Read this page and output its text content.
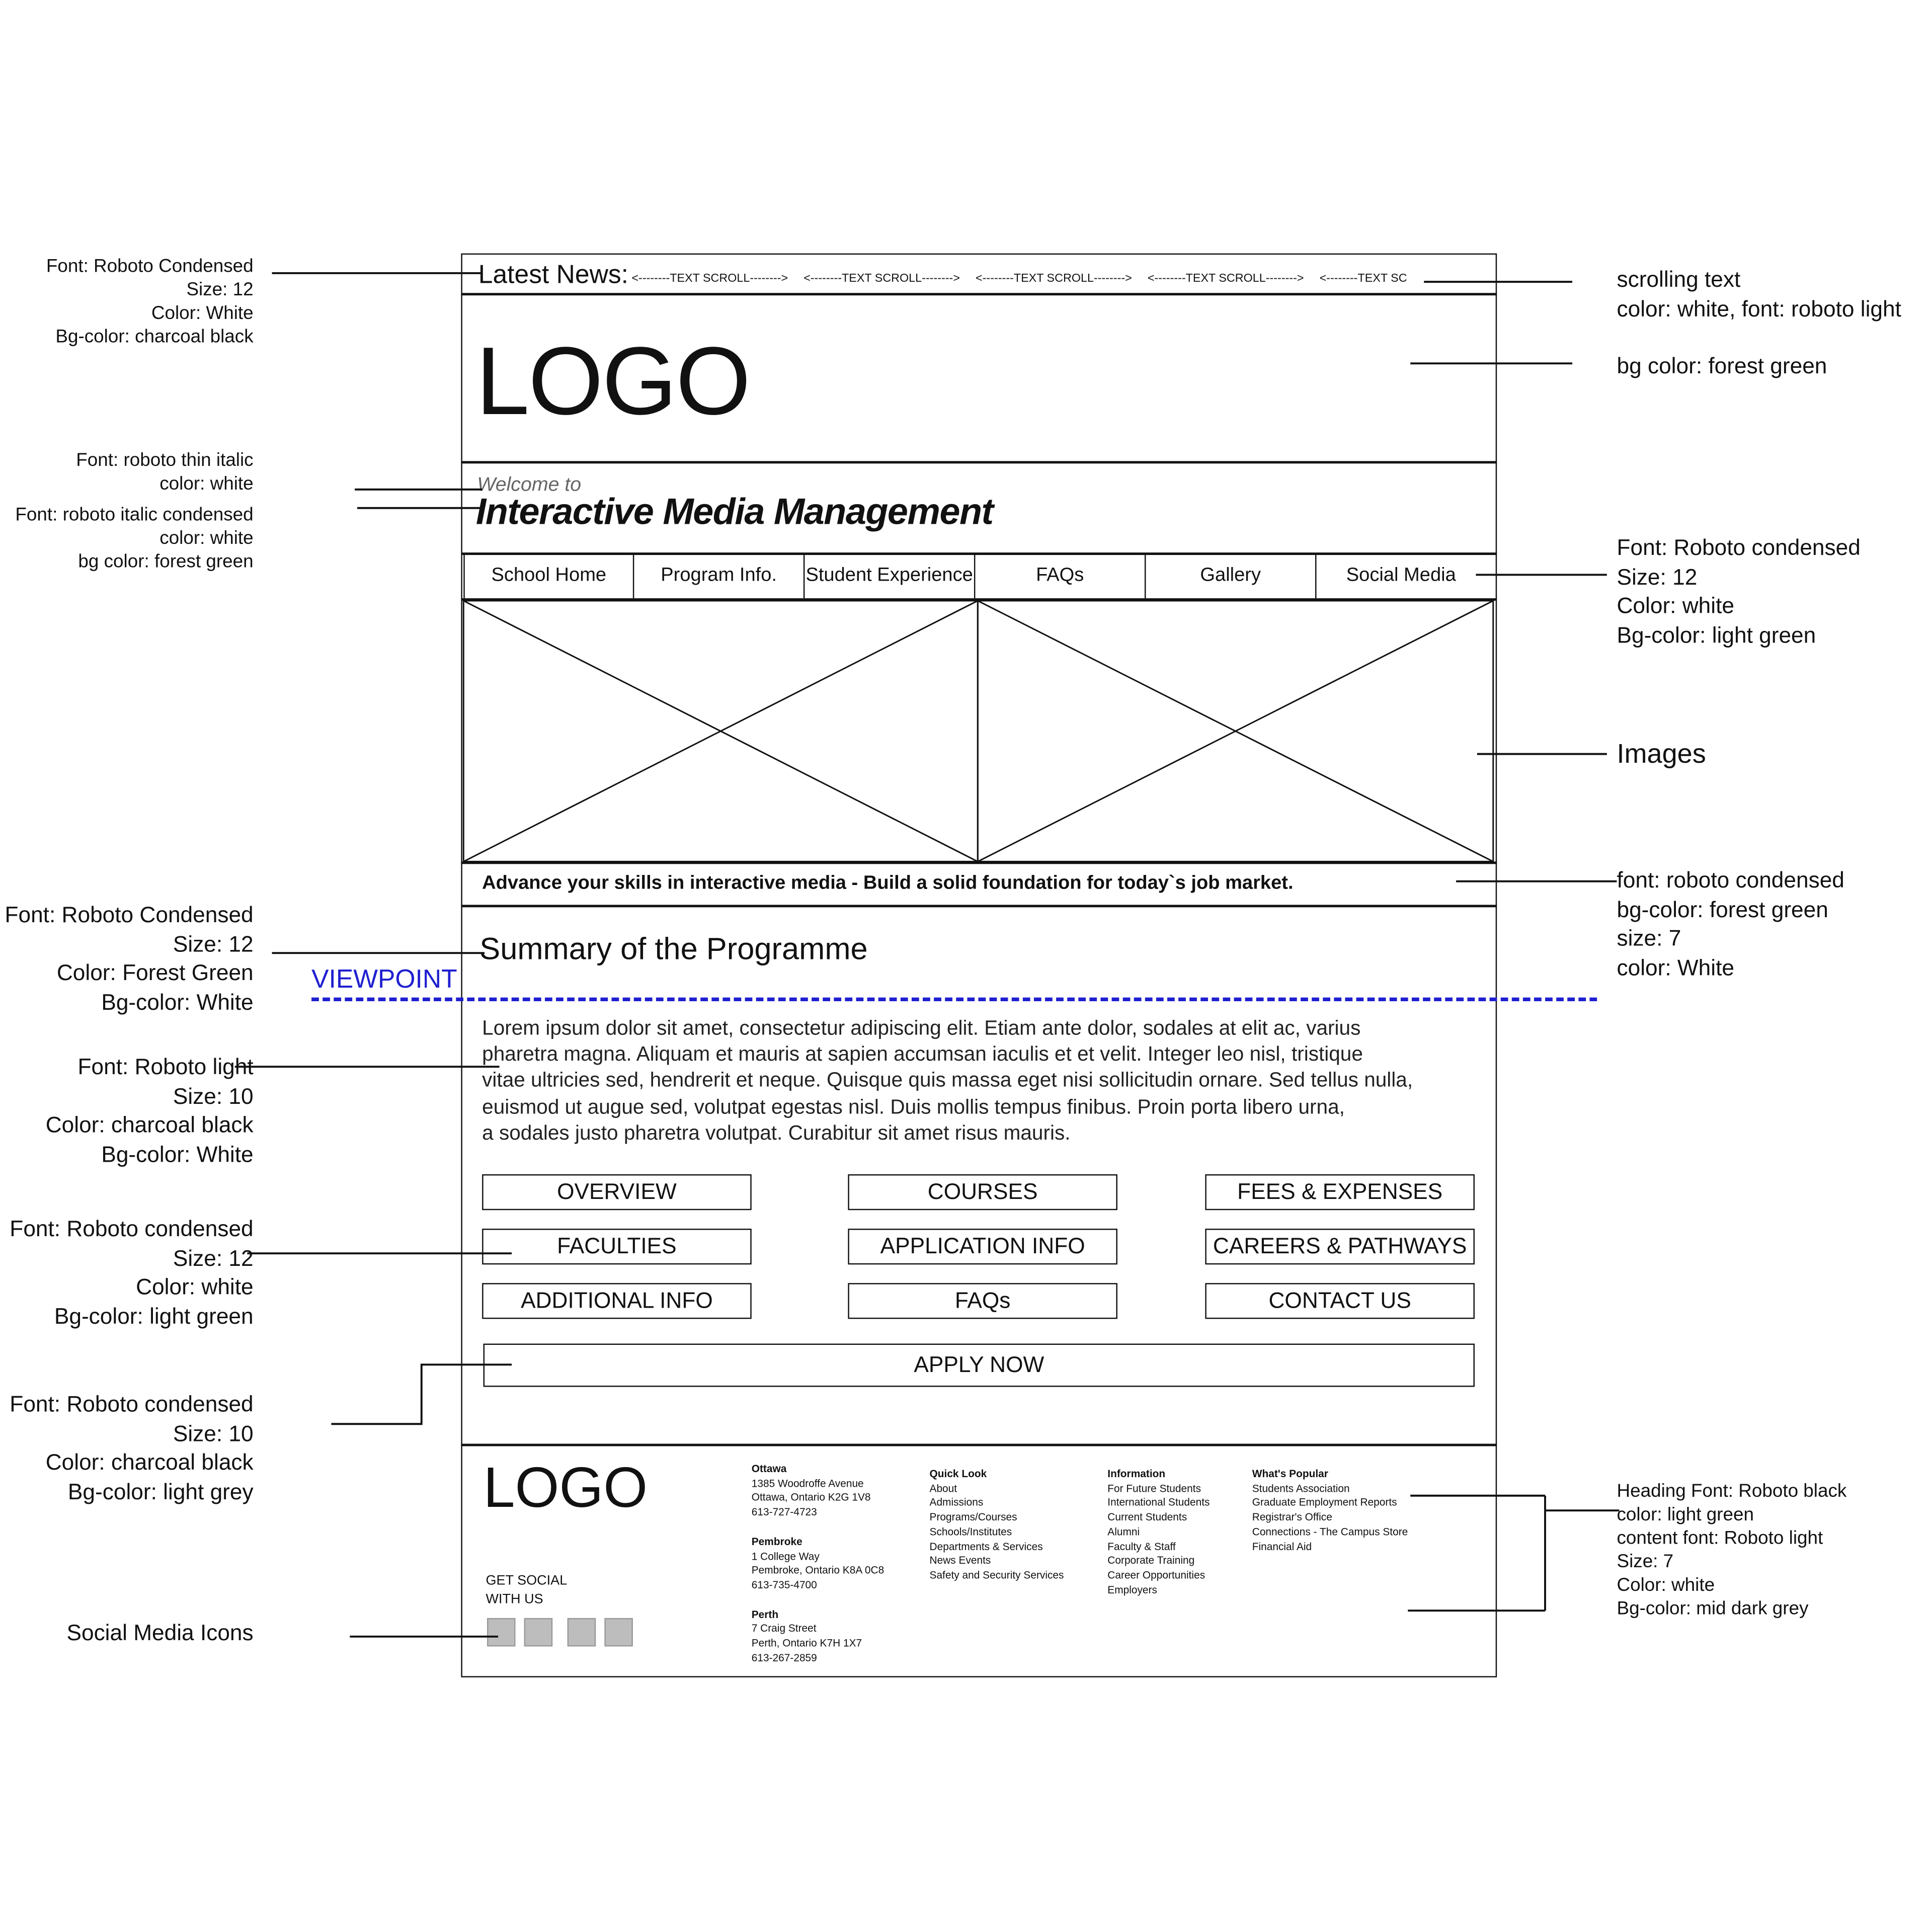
Font: Roboto Condensed
Size: 12
Color: White
Bg-color: charcoal black
Font: roboto thin italic
color: white
Font: roboto italic condensed
color: white
bg color: forest green
Font: Roboto Condensed
Size: 12
Color: Forest Green
Bg-color: White
Font: Roboto light
Size: 10
Color: charcoal black
Bg-color: White
Font: Roboto condensed
Size: 12
Color: white
Bg-color: light green
Font: Roboto condensed
Size: 10
Color: charcoal black
Bg-color: light grey
Social Media Icons
scrolling text
color: white, font: roboto light
bg color: forest green
Font: Roboto condensed
Size: 12
Color: white
Bg-color: light green
Images
font: roboto condensed
bg-color: forest green
size: 7
color: White
Heading Font: Roboto black
color: light green
content font: Roboto light
Size: 7
Color: white
Bg-color: mid dark grey
Latest News: <--------TEXT SCROLL-------->	<--------TEXT SCROLL-------->	<--------TEXT SCROLL-------->	<--------TEXT SCROLL-------->	<--------TEXT SC
LOGO
Welcome to
Interactive Media Management
School Home	Program Info.	Student Experience	FAQs	Gallery	Social Media
Advance your skills in interactive media - Build a solid foundation for today`s job market.
Summary of the Programme
VIEWPOINT
Lorem ipsum dolor sit amet, consectetur adipiscing elit. Etiam ante dolor, sodales at elit ac, varius
pharetra magna. Aliquam et mauris at sapien accumsan iaculis et et velit. Integer leo nisl, tristique
vitae ultricies sed, hendrerit et neque. Quisque quis massa eget nisi sollicitudin ornare. Sed tellus nulla,
euismod ut augue sed, volutpat egestas nisl. Duis mollis tempus finibus. Proin porta libero urna,
a sodales justo pharetra volutpat. Curabitur sit amet risus mauris.
OVERVIEW	COURSES	FEES & EXPENSES
FACULTIES	APPLICATION INFO	CAREERS & PATHWAYS
ADDITIONAL INFO	FAQs	CONTACT US
APPLY NOW
LOGO
GET SOCIAL
WITH US
Ottawa
1385 Woodroffe Avenue
Ottawa, Ontario K2G 1V8
613-727-4723
Pembroke
1 College Way
Pembroke, Ontario K8A 0C8
613-735-4700
Perth
7 Craig Street
Perth, Ontario K7H 1X7
613-267-2859
Quick Look
About
Admissions
Programs/Courses
Schools/Institutes
Departments & Services
News Events
Safety and Security Services
Information
For Future Students
International Students
Current Students
Alumni
Faculty & Staff
Corporate Training
Career Opportunities
Employers
What's Popular
Students Association
Graduate Employment Reports
Registrar's Office
Connections - The Campus Store
Financial Aid
